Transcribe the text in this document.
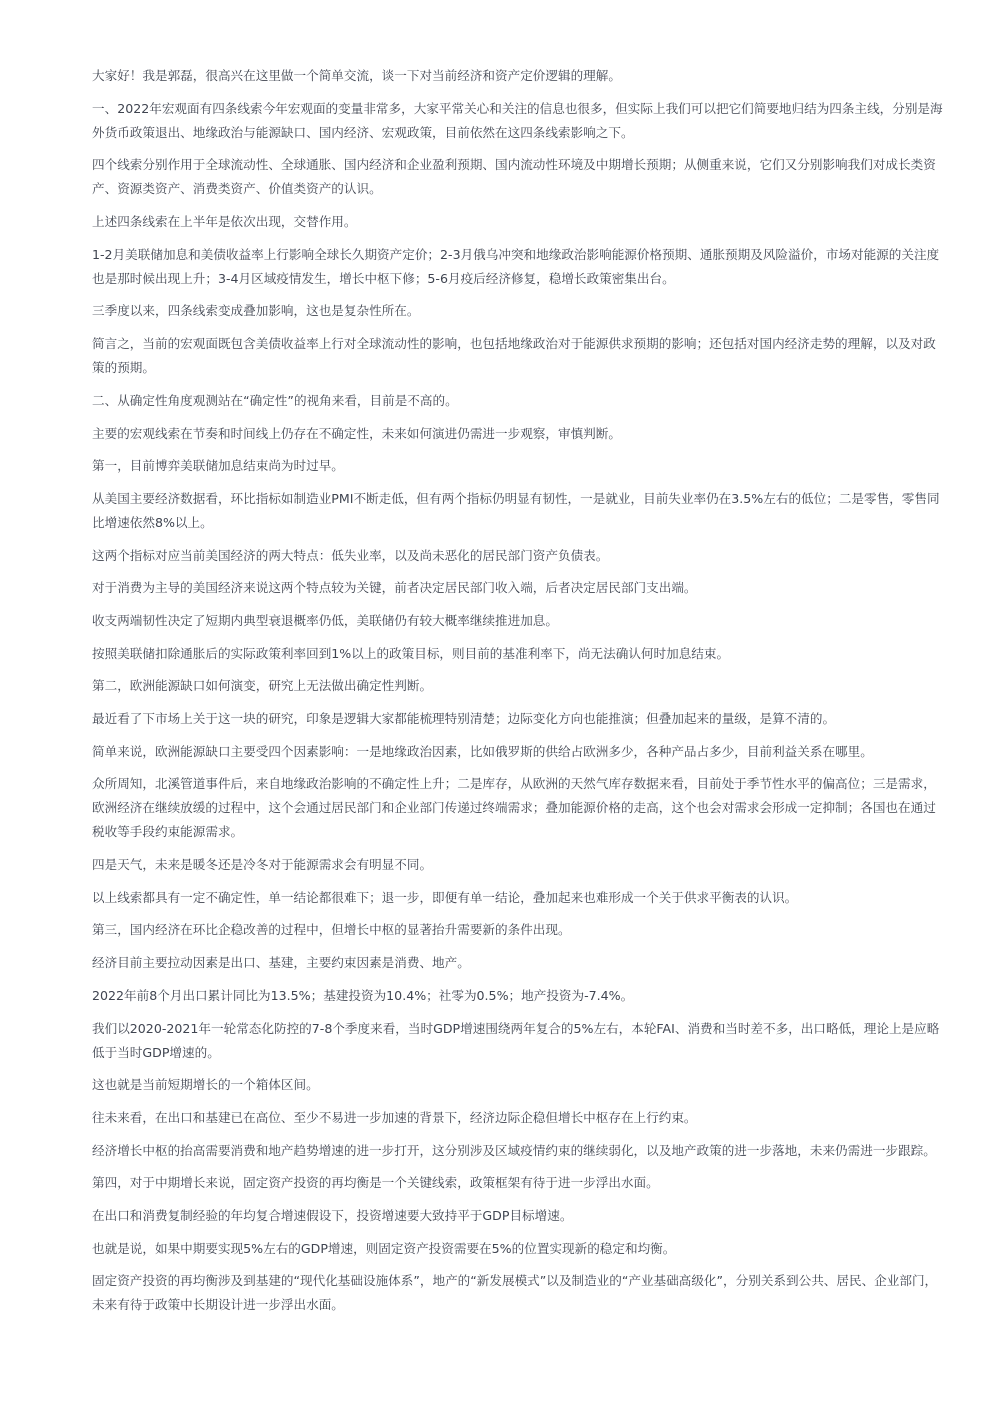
大家好！我是郭磊，很高兴在这里做一个简单交流，谈一下对当前经济和资产定价逻辑的理解。

一、2022年宏观面有四条线索今年宏观面的变量非常多，大家平常关心和关注的信息也很多，但实际上我们可以把它们简要地归结为四条主线，分别是海外货币政策退出、地缘政治与能源缺口、国内经济、宏观政策，目前依然在这四条线索影响之下。

四个线索分别作用于全球流动性、全球通胀、国内经济和企业盈利预期、国内流动性环境及中期增长预期；从侧重来说，它们又分别影响我们对成长类资产、资源类资产、消费类资产、价值类资产的认识。

上述四条线索在上半年是依次出现，交替作用。

1-2月美联储加息和美债收益率上行影响全球长久期资产定价；2-3月俄乌冲突和地缘政治影响能源价格预期、通胀预期及风险溢价，市场对能源的关注度也是那时候出现上升；3-4月区域疫情发生，增长中枢下修；5-6月疫后经济修复，稳增长政策密集出台。

三季度以来，四条线索变成叠加影响，这也是复杂性所在。

简言之，当前的宏观面既包含美债收益率上行对全球流动性的影响，也包括地缘政治对于能源供求预期的影响；还包括对国内经济走势的理解，以及对政策的预期。

二、从确定性角度观测站在“确定性”的视角来看，目前是不高的。

主要的宏观线索在节奏和时间线上仍存在不确定性，未来如何演进仍需进一步观察，审慎判断。

第一，目前博弈美联储加息结束尚为时过早。

从美国主要经济数据看，环比指标如制造业PMI不断走低，但有两个指标仍明显有韧性，一是就业，目前失业率仍在3.5%左右的低位；二是零售，零售同比增速依然8%以上。

这两个指标对应当前美国经济的两大特点：低失业率，以及尚未恶化的居民部门资产负债表。

对于消费为主导的美国经济来说这两个特点较为关键，前者决定居民部门收入端，后者决定居民部门支出端。

收支两端韧性决定了短期内典型衰退概率仍低，美联储仍有较大概率继续推进加息。

按照美联储扣除通胀后的实际政策利率回到1%以上的政策目标，则目前的基准利率下，尚无法确认何时加息结束。

第二，欧洲能源缺口如何演变，研究上无法做出确定性判断。

最近看了下市场上关于这一块的研究，印象是逻辑大家都能梳理特别清楚；边际变化方向也能推演；但叠加起来的量级，是算不清的。

简单来说，欧洲能源缺口主要受四个因素影响：一是地缘政治因素，比如俄罗斯的供给占欧洲多少，各种产品占多少，目前利益关系在哪里。

众所周知，北溪管道事件后，来自地缘政治影响的不确定性上升；二是库存，从欧洲的天然气库存数据来看，目前处于季节性水平的偏高位；三是需求，欧洲经济在继续放缓的过程中，这个会通过居民部门和企业部门传递过终端需求；叠加能源价格的走高，这个也会对需求会形成一定抑制；各国也在通过税收等手段约束能源需求。

四是天气，未来是暖冬还是冷冬对于能源需求会有明显不同。

以上线索都具有一定不确定性，单一结论都很难下；退一步，即便有单一结论，叠加起来也难形成一个关于供求平衡表的认识。

第三，国内经济在环比企稳改善的过程中，但增长中枢的显著抬升需要新的条件出现。

经济目前主要拉动因素是出口、基建，主要约束因素是消费、地产。

2022年前8个月出口累计同比为13.5%；基建投资为10.4%；社零为0.5%；地产投资为-7.4%。

我们以2020-2021年一轮常态化防控的7-8个季度来看，当时GDP增速围绕两年复合的5%左右，本轮FAI、消费和当时差不多，出口略低，理论上是应略低于当时GDP增速的。

这也就是当前短期增长的一个箱体区间。

往未来看，在出口和基建已在高位、至少不易进一步加速的背景下，经济边际企稳但增长中枢存在上行约束。

经济增长中枢的抬高需要消费和地产趋势增速的进一步打开，这分别涉及区域疫情约束的继续弱化，以及地产政策的进一步落地，未来仍需进一步跟踪。

第四，对于中期增长来说，固定资产投资的再均衡是一个关键线索，政策框架有待于进一步浮出水面。

在出口和消费复制经验的年均复合增速假设下，投资增速要大致持平于GDP目标增速。

也就是说，如果中期要实现5%左右的GDP增速，则固定资产投资需要在5%的位置实现新的稳定和均衡。

固定资产投资的再均衡涉及到基建的“现代化基础设施体系”，地产的“新发展模式”以及制造业的“产业基础高级化”，分别关系到公共、居民、企业部门，未来有待于政策中长期设计进一步浮出水面。
